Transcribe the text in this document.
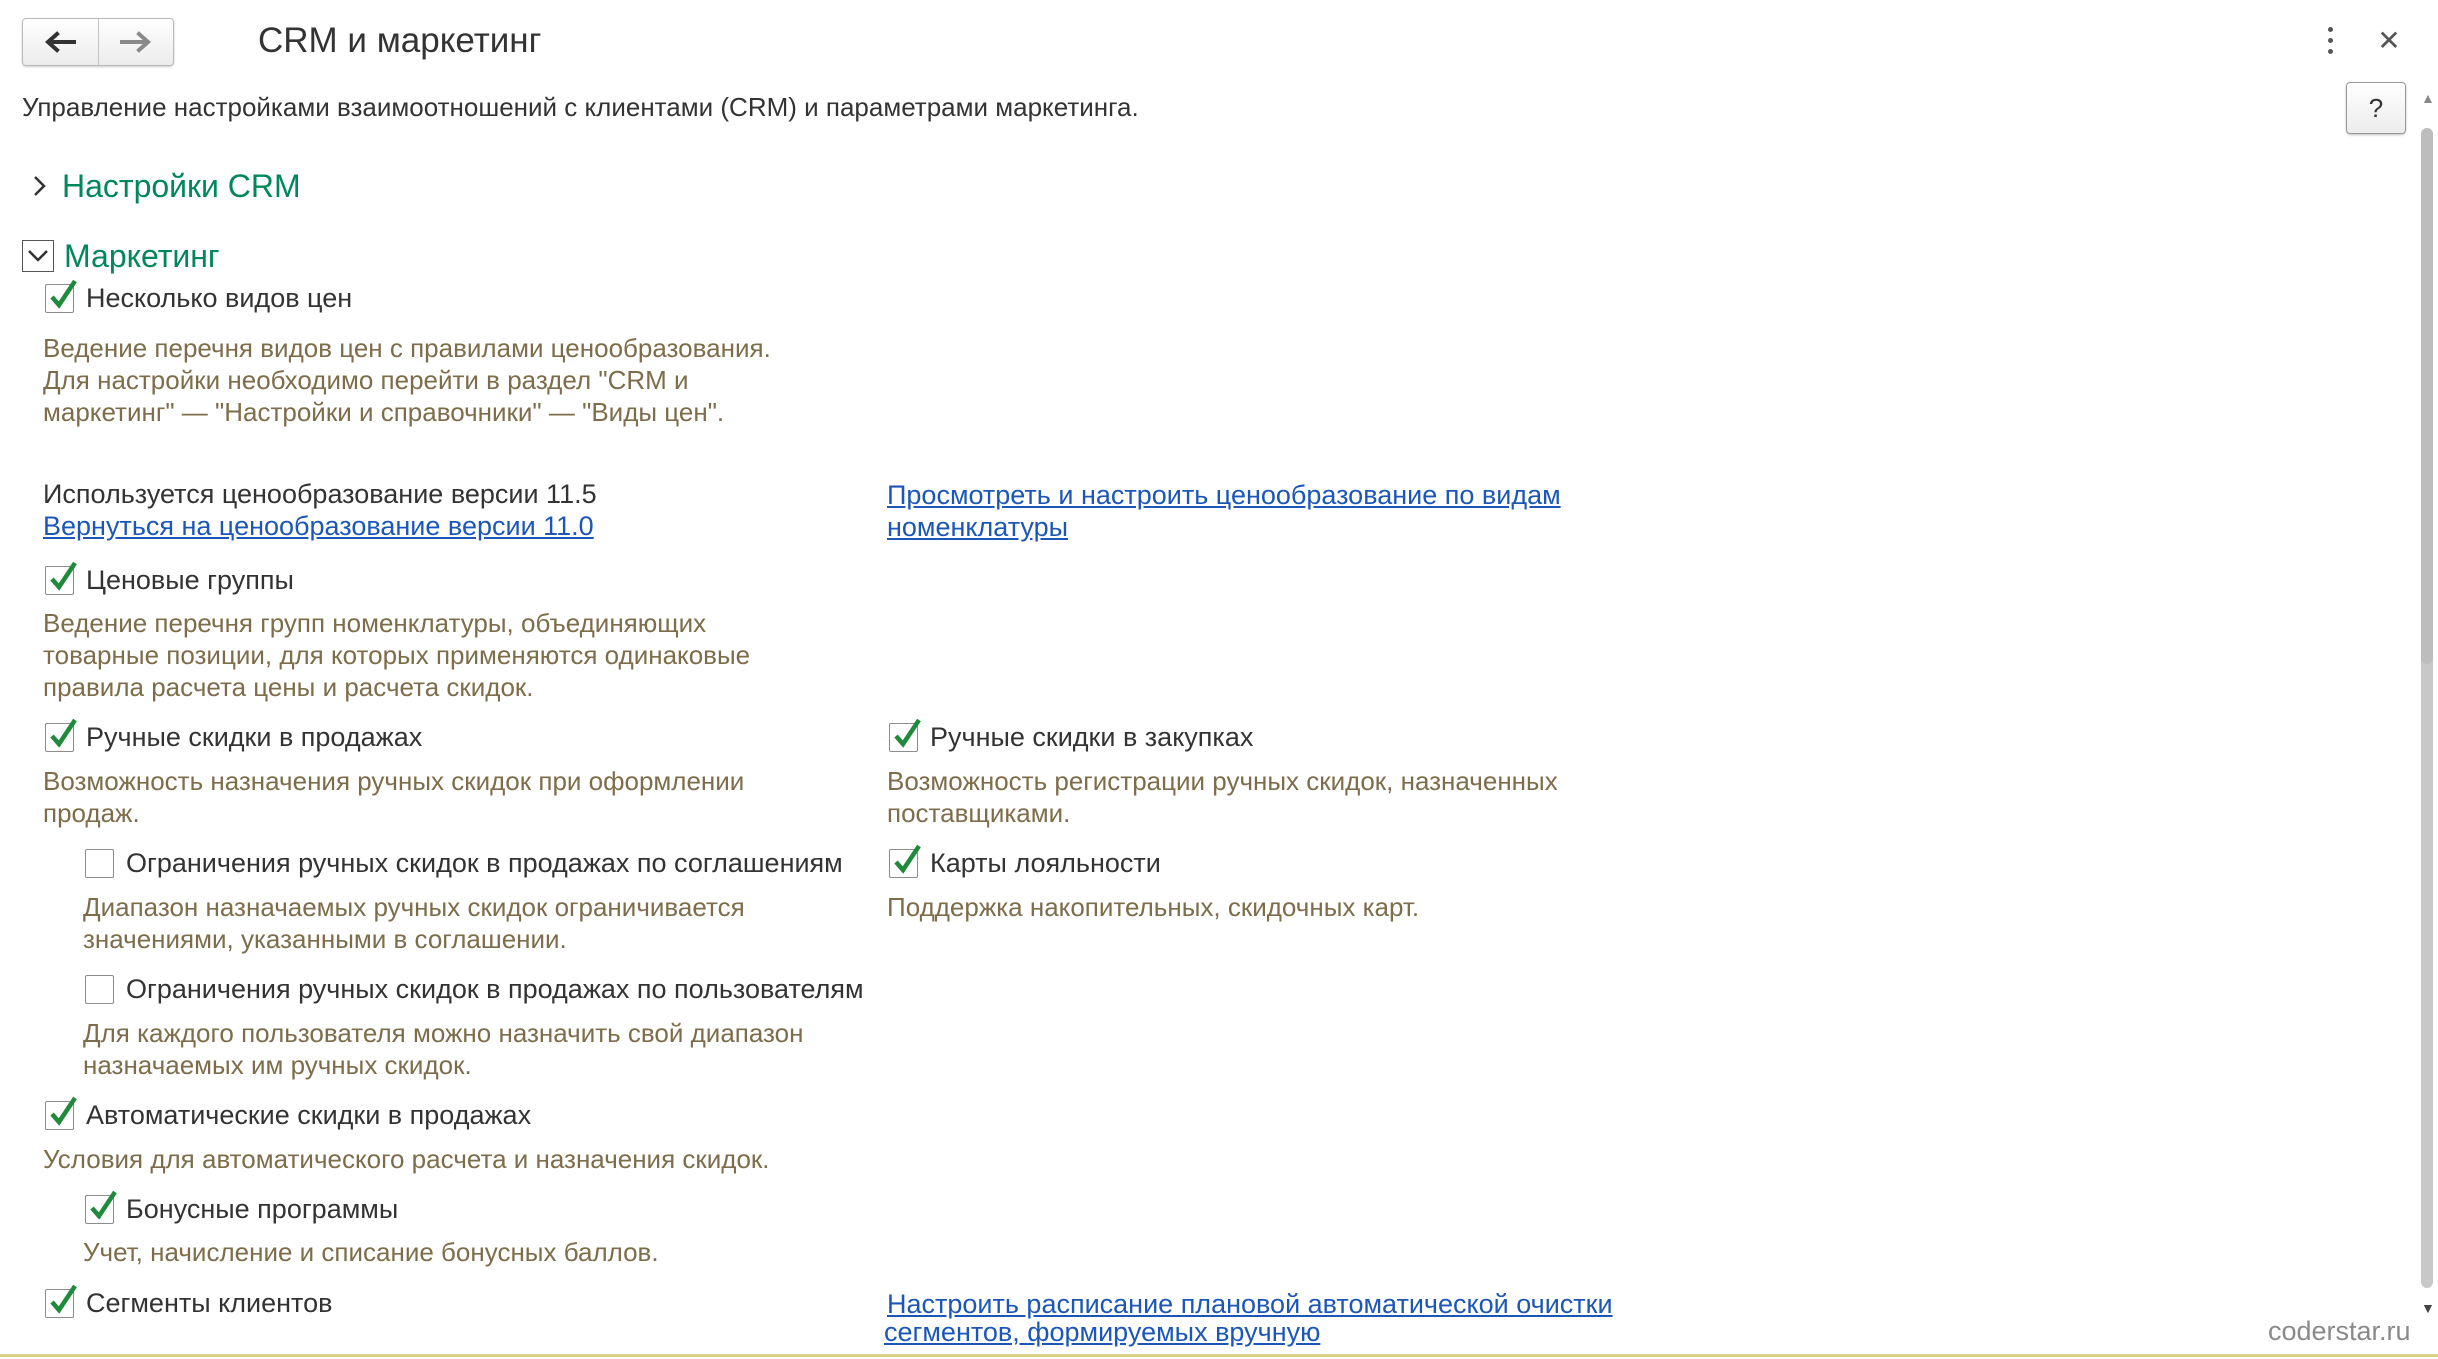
CRM и маркетинг	✕
Управление настройками взаимоотношений с клиентами (CRM) и параметрами маркетинга.	?	▲
▼
Настройки CRM
Маркетинг
Несколько видов цен
Ведение перечня видов цен с правилами ценообразования.
Для настройки необходимо перейти в раздел "CRM и
маркетинг" — "Настройки и справочники" — "Виды цен".
Используется ценообразование версии 11.5
Вернуться на ценообразование версии 11.0
Просмотреть и настроить ценообразование по видам
номенклатуры
Ценовые группы
Ведение перечня групп номенклатуры, объединяющих
товарные позиции, для которых применяются одинаковые
правила расчета цены и расчета скидок.
Ручные скидки в продажах
Возможность назначения ручных скидок при оформлении
продаж.
Ручные скидки в закупках
Возможность регистрации ручных скидок, назначенных
поставщиками.
Ограничения ручных скидок в продажах по соглашениям
Диапазон назначаемых ручных скидок ограничивается
значениями, указанными в соглашении.
Карты лояльности
Поддержка накопительных, скидочных карт.
Ограничения ручных скидок в продажах по пользователям
Для каждого пользователя можно назначить свой диапазон
назначаемых им ручных скидок.
Автоматические скидки в продажах
Условия для автоматического расчета и назначения скидок.
Бонусные программы
Учет, начисление и списание бонусных баллов.
Сегменты клиентов	Настроить расписание плановой автоматической очистки
сегментов, формируемых вручную	coderstar.ru
